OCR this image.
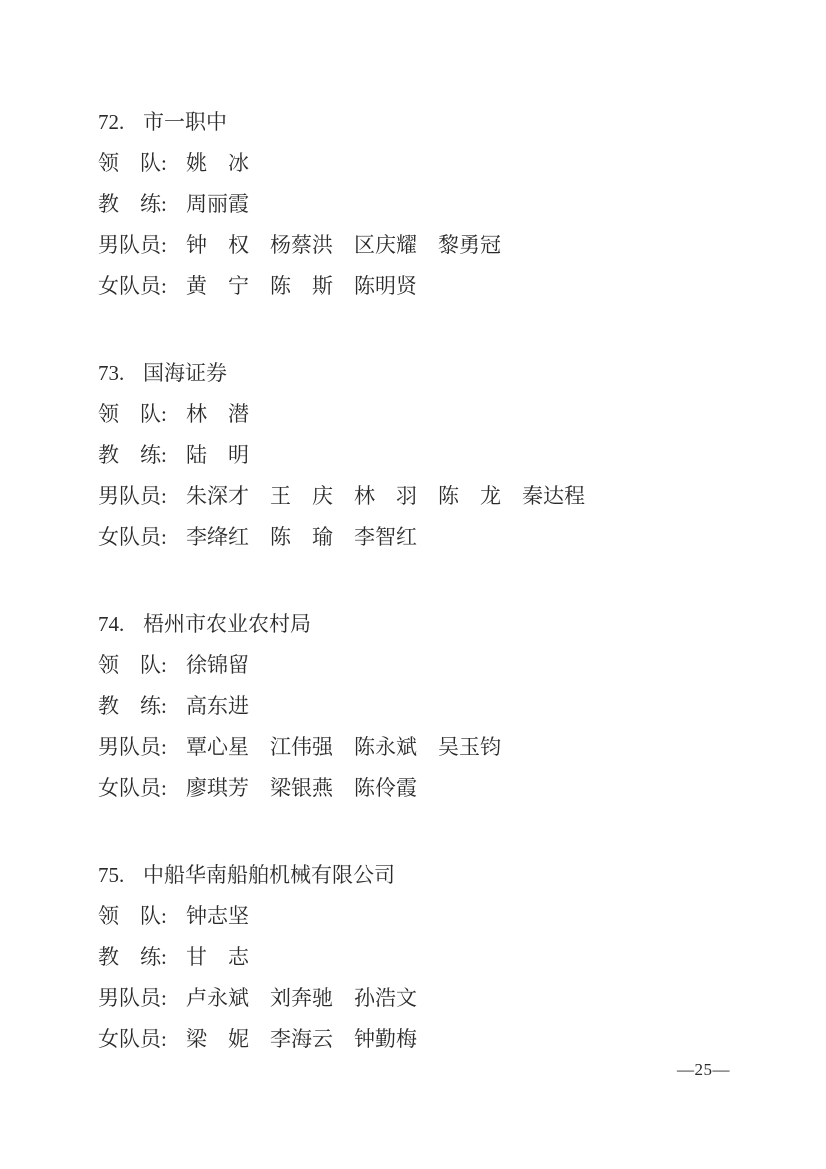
72. 市一职中
领　队: 姚　冰
教　练: 周丽霞
男队员: 钟　权　杨蔡洪　区庆耀　黎勇冠
女队员: 黄　宁　陈　斯　陈明贤
73. 国海证券
领　队: 林　潜
教　练: 陆　明
男队员: 朱深才　王　庆　林　羽　陈　龙　秦达程
女队员: 李绛红　陈　瑜　李智红
74. 梧州市农业农村局
领　队: 徐锦留
教　练: 高东进
男队员: 覃心星　江伟强　陈永斌　吴玉钧
女队员: 廖琪芳　梁银燕　陈伶霞
75. 中船华南船舶机械有限公司
领　队: 钟志坚
教　练: 甘　志
男队员: 卢永斌　刘奔驰　孙浩文
女队员: 梁　妮　李海云　钟勤梅
—25—
